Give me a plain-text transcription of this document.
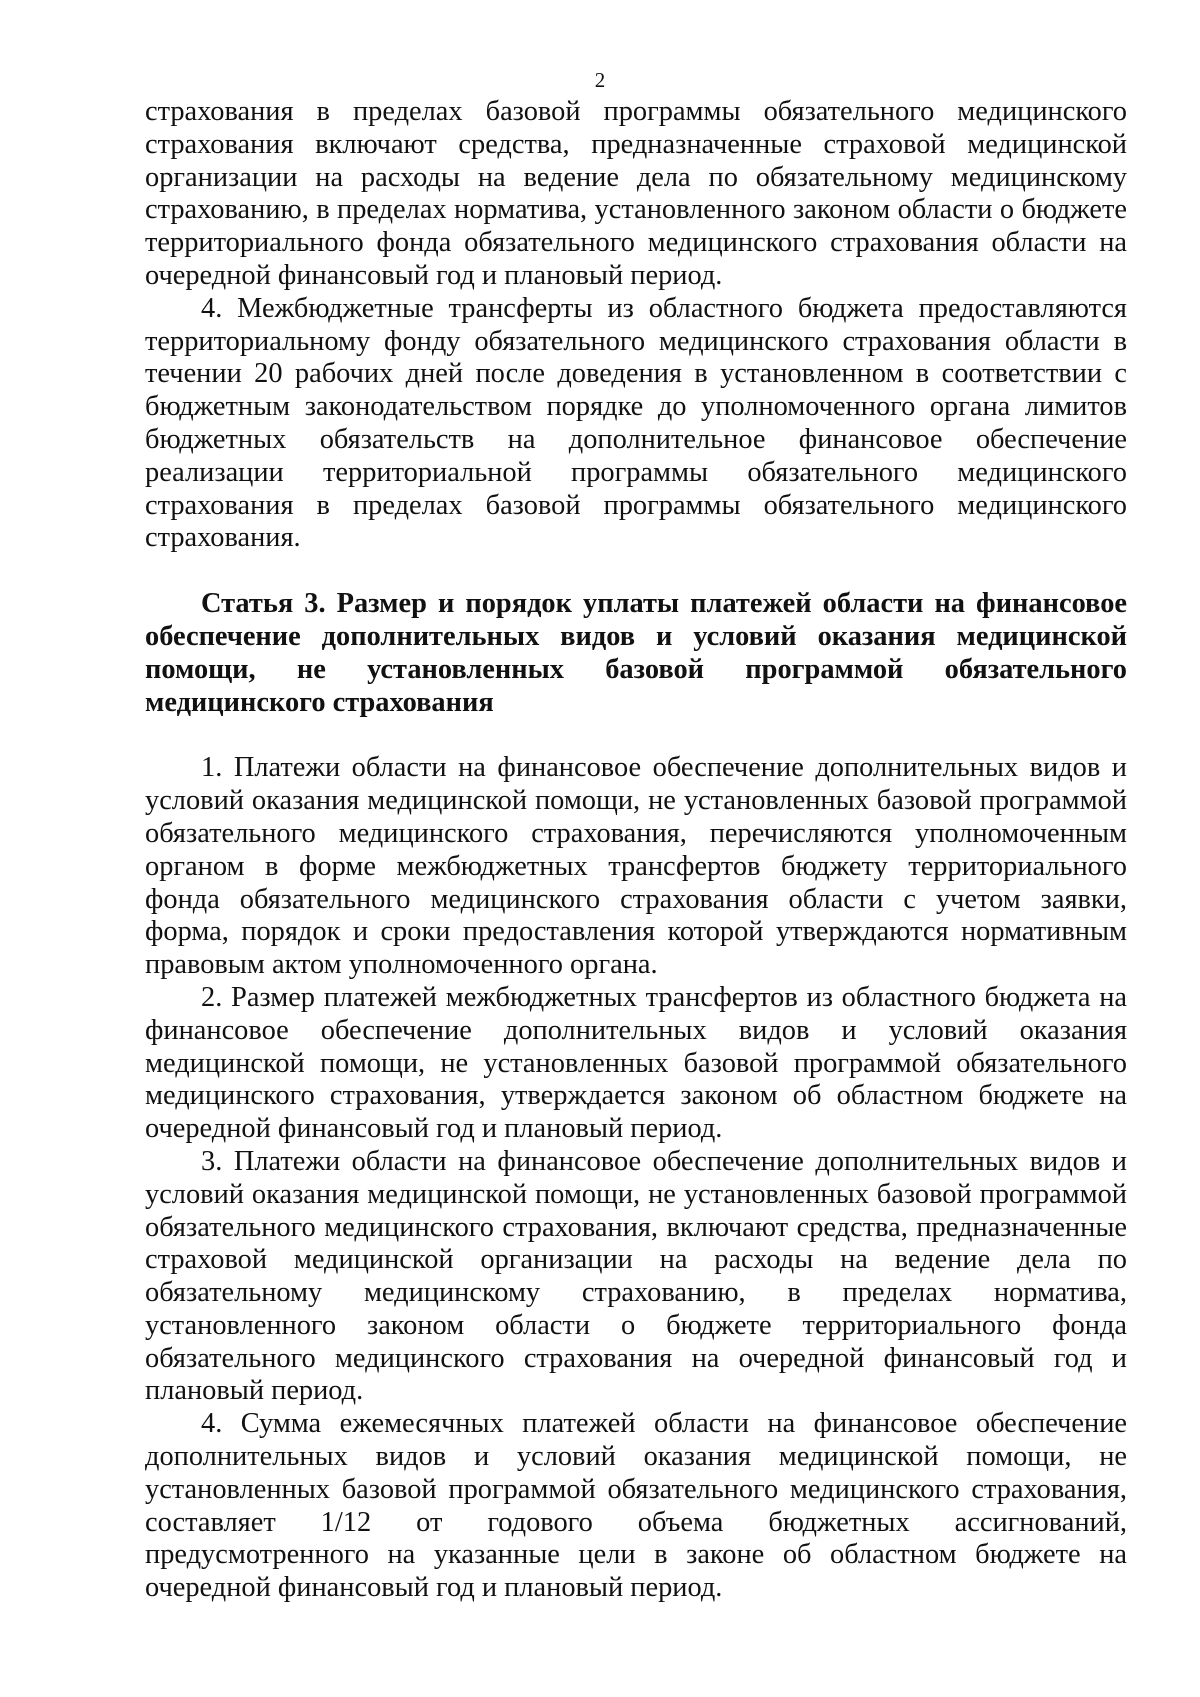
2

страхования в пределах базовой программы обязательного медицинского страхования включают средства, предназначенные страховой медицинской организации на расходы на ведение дела по обязательному медицинскому страхованию, в пределах норматива, установленного законом области о бюджете территориального фонда обязательного медицинского страхования области на очередной финансовый год и плановый период.

4. Межбюджетные трансферты из областного бюджета предоставляются территориальному фонду обязательного медицинского страхования области в течении 20 рабочих дней после доведения в установленном в соответствии с бюджетным законодательством порядке до уполномоченного органа лимитов бюджетных обязательств на дополнительное финансовое обеспечение реализации территориальной программы обязательного медицинского страхования в пределах базовой программы обязательного медицинского страхования.

Статья 3. Размер и порядок уплаты платежей области на финансовое обеспечение дополнительных видов и условий оказания медицинской помощи, не установленных базовой программой обязательного медицинского страхования

1. Платежи области на финансовое обеспечение дополнительных видов и условий оказания медицинской помощи, не установленных базовой программой обязательного медицинского страхования, перечисляются уполномоченным органом в форме межбюджетных трансфертов бюджету территориального фонда обязательного медицинского страхования области с учетом заявки, форма, порядок и сроки предоставления которой утверждаются нормативным правовым актом уполномоченного органа.

2. Размер платежей межбюджетных трансфертов из областного бюджета на финансовое обеспечение дополнительных видов и условий оказания медицинской помощи, не установленных базовой программой обязательного медицинского страхования, утверждается законом об областном бюджете на очередной финансовый год и плановый период.

3. Платежи области на финансовое обеспечение дополнительных видов и условий оказания медицинской помощи, не установленных базовой программой обязательного медицинского страхования, включают средства, предназначенные страховой медицинской организации на расходы на ведение дела по обязательному медицинскому страхованию, в пределах норматива, установленного законом области о бюджете территориального фонда обязательного медицинского страхования на очередной финансовый год и плановый период.

4. Сумма ежемесячных платежей области на финансовое обеспечение дополнительных видов и условий оказания медицинской помощи, не установленных базовой программой обязательного медицинского страхования, составляет 1/12 от годового объема бюджетных ассигнований, предусмотренного на указанные цели в законе об областном бюджете на очередной финансовый год и плановый период.
